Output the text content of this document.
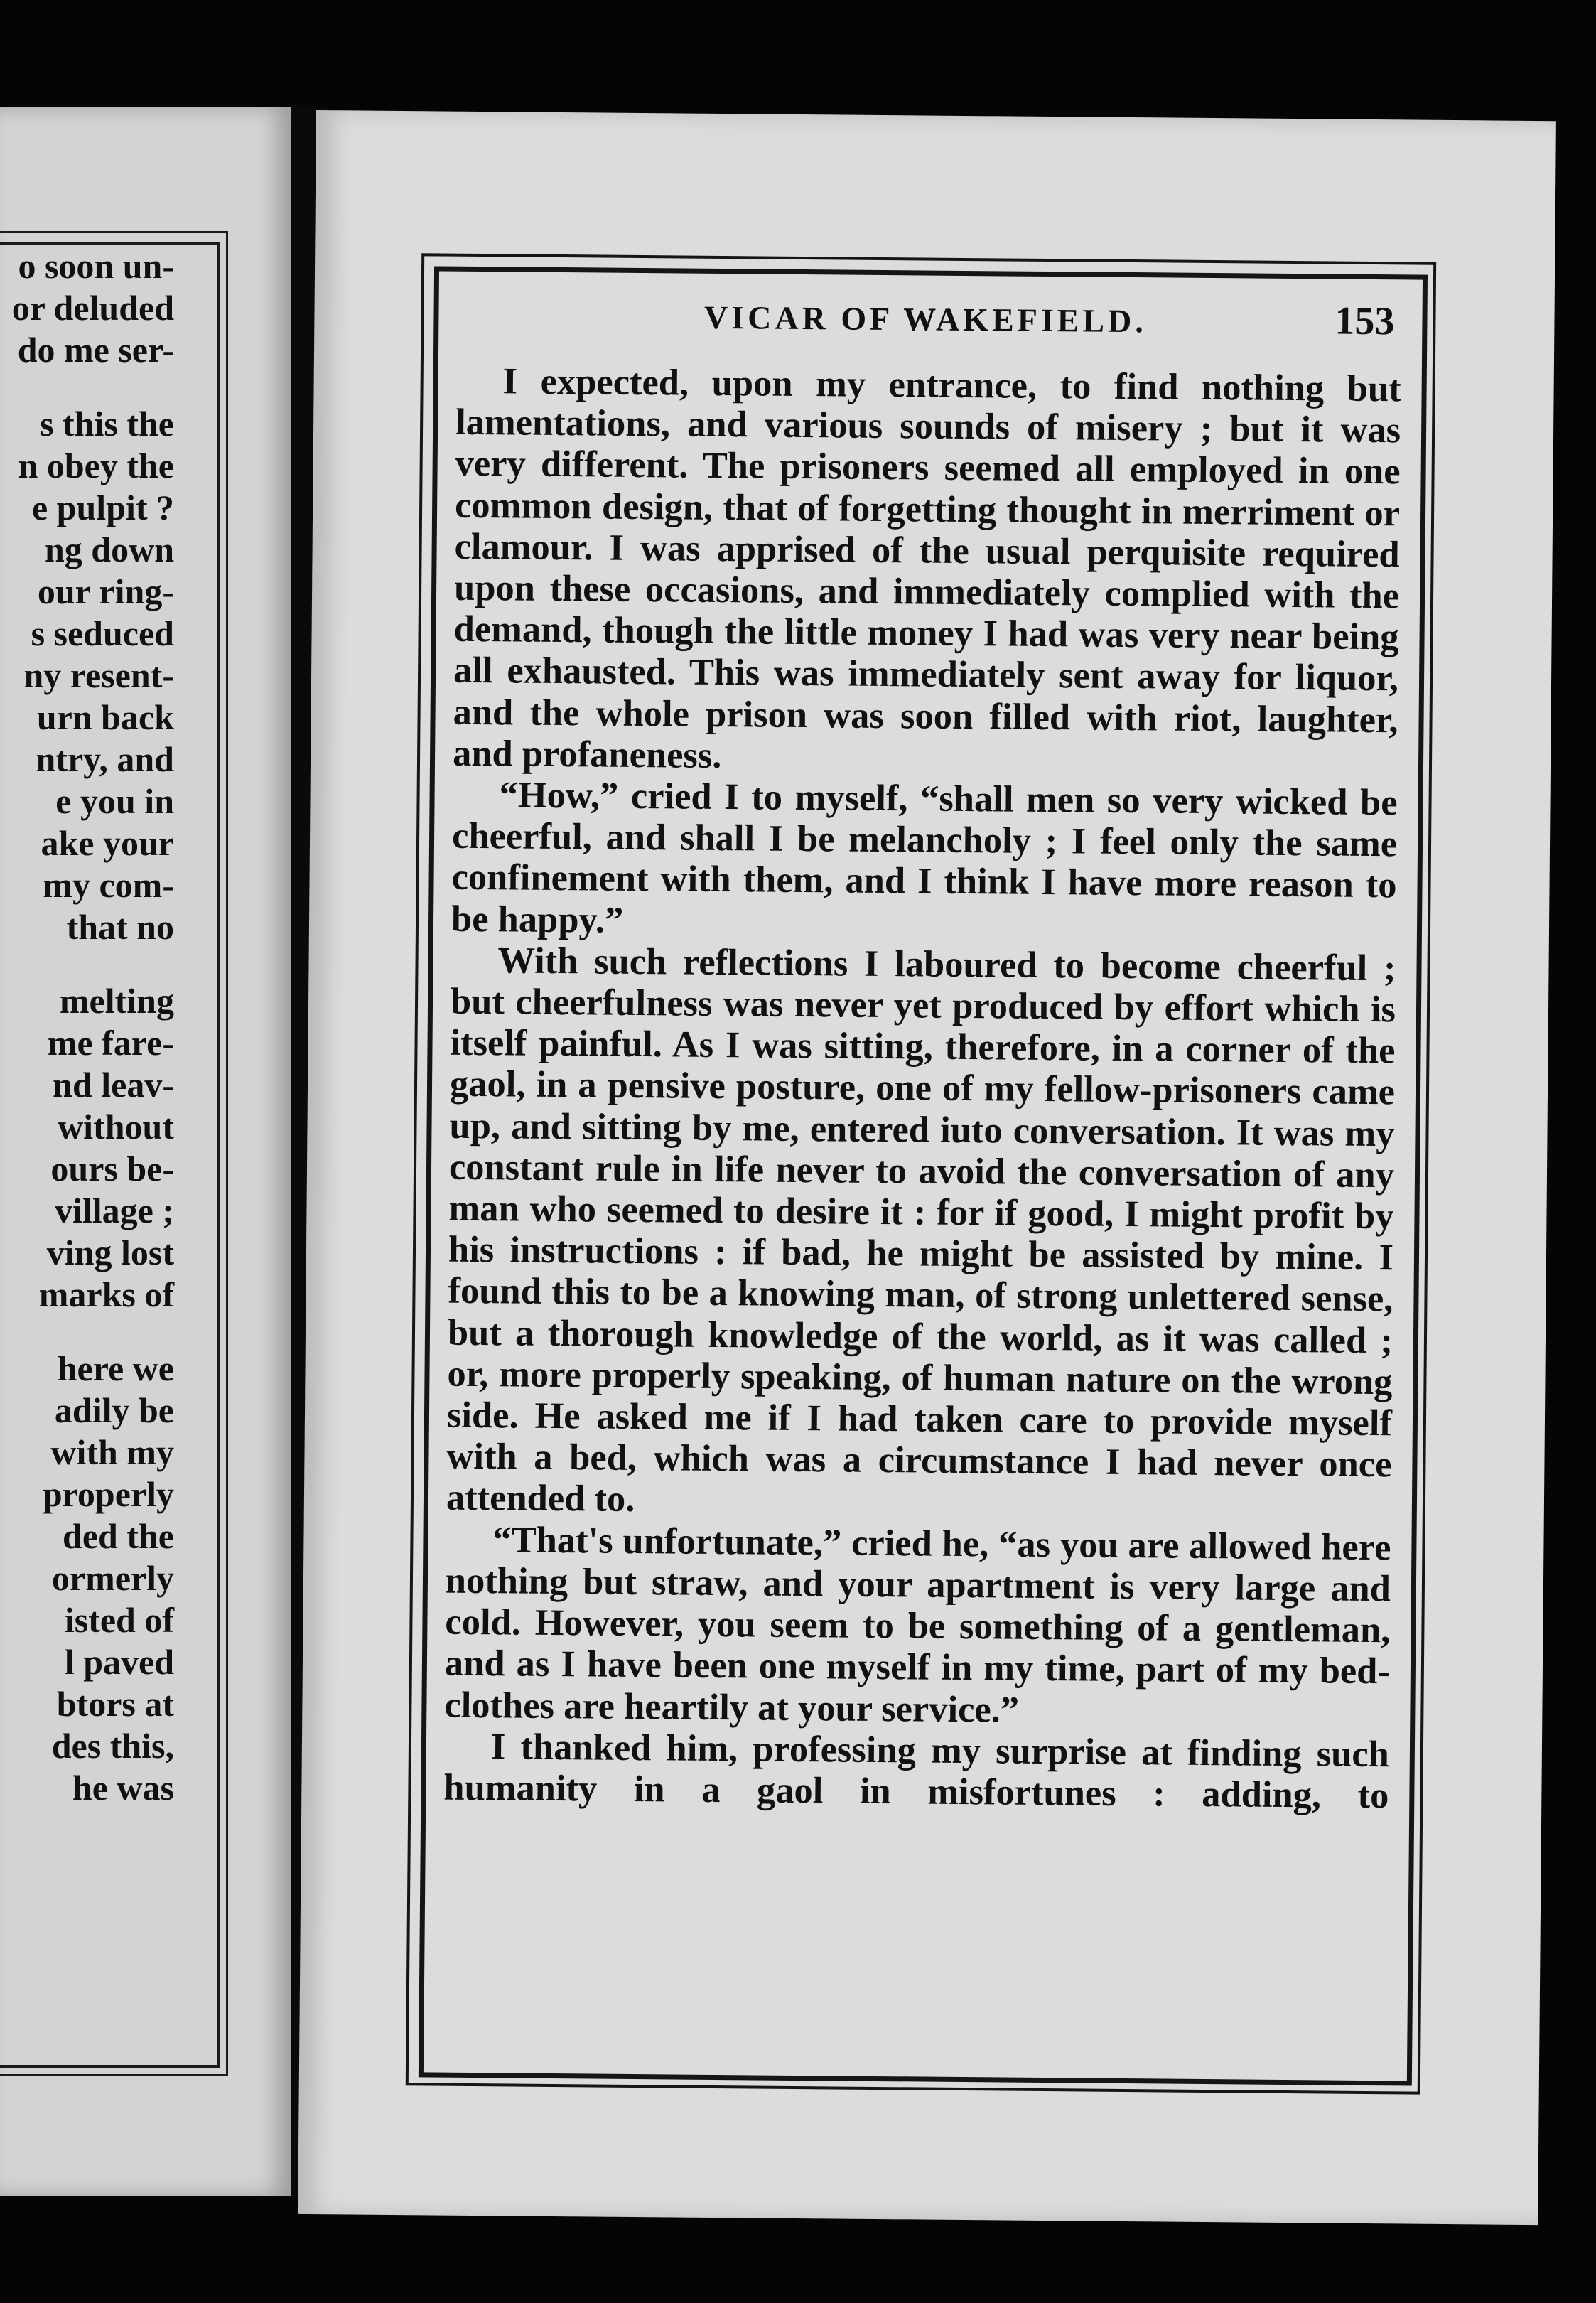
o soon un-
or deluded
do me ser-
s this the
n obey the
e pulpit ?
ng down
our ring-
s seduced
ny resent-
urn back
ntry, and
e you in
ake your
my com-
that no
melting
me fare-
nd leav-
without
ours be-
village ;
ving lost
marks of
here we
adily be
with my
properly
ded the
ormerly
isted of
l paved
btors at
des this,
he was
VICAR OF WAKEFIELD.	153

I expected, upon my entrance, to find nothing but lamentations, and various sounds of misery ; but it was very different. The prisoners seemed all employed in one common design, that of forgetting thought in merriment or clamour. I was apprised of the usual perquisite required upon these occasions, and immediately complied with the demand, though the little money I had was very near being all exhausted. This was immediately sent away for liquor, and the whole prison was soon filled with riot, laughter, and profaneness.

“How,” cried I to myself, “shall men so very wicked be cheerful, and shall I be melancholy ; I feel only the same confinement with them, and I think I have more reason to be happy.”

With such reflections I laboured to become cheerful ; but cheerfulness was never yet produced by effort which is itself painful. As I was sitting, therefore, in a corner of the gaol, in a pensive posture, one of my fellow-prisoners came up, and sitting by me, entered iuto conversation. It was my constant rule in life never to avoid the conversation of any man who seemed to desire it : for if good, I might profit by his instructions : if bad, he might be assisted by mine. I found this to be a knowing man, of strong unlettered sense, but a thorough knowledge of the world, as it was called ; or, more properly speaking, of human nature on the wrong side. He asked me if I had taken care to provide myself with a bed, which was a circumstance I had never once attended to.

“That's unfortunate,” cried he, “as you are allowed here nothing but straw, and your apartment is very large and cold. However, you seem to be something of a gentleman, and as I have been one myself in my time, part of my bed-clothes are heartily at your service.”

I thanked him, professing my surprise at finding such humanity in a gaol in misfortunes : adding, to
